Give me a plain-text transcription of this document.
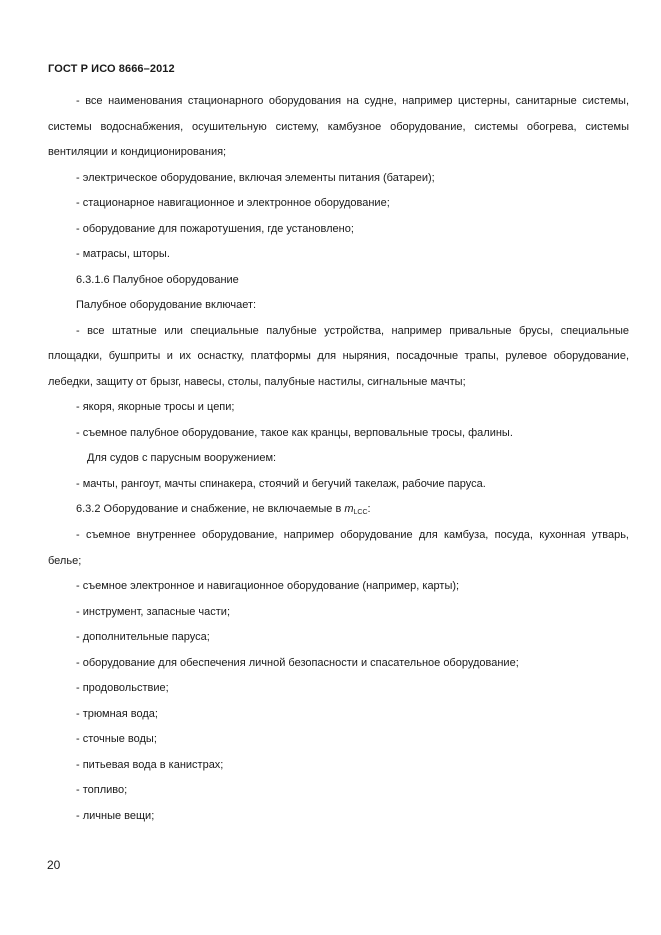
ГОСТ Р ИСО 8666–2012
- все наименования стационарного оборудования на судне, например цистерны, санитарные системы,
системы водоснабжения, осушительную систему, камбузное оборудование, системы обогрева, системы
вентиляции и кондиционирования;
- электрическое оборудование, включая элементы питания (батареи);
- стационарное навигационное и электронное оборудование;
- оборудование для пожаротушения, где установлено;
- матрасы, шторы.
6.3.1.6 Палубное оборудование
Палубное оборудование включает:
- все штатные или специальные палубные устройства, например привальные брусы, специальные
площадки, бушприты и их оснастку, платформы для ныряния, посадочные трапы, рулевое оборудование,
лебедки, защиту от брызг, навесы, столы, палубные настилы, сигнальные мачты;
- якоря, якорные тросы и цепи;
- съемное палубное оборудование, такое как кранцы, верповальные тросы, фалины.
Для судов с парусным вооружением:
- мачты, рангоут, мачты спинакера, стоячий и бегучий такелаж, рабочие паруса.
6.3.2 Оборудование и снабжение, не включаемые в $m_{LCC}$:
- съемное внутреннее оборудование, например оборудование для камбуза, посуда, кухонная утварь,
белье;
- съемное электронное и навигационное оборудование (например, карты);
- инструмент, запасные части;
- дополнительные паруса;
- оборудование для обеспечения личной безопасности и спасательное оборудование;
- продовольствие;
- трюмная вода;
- сточные воды;
- питьевая вода в канистрах;
- топливо;
- личные вещи;
20
